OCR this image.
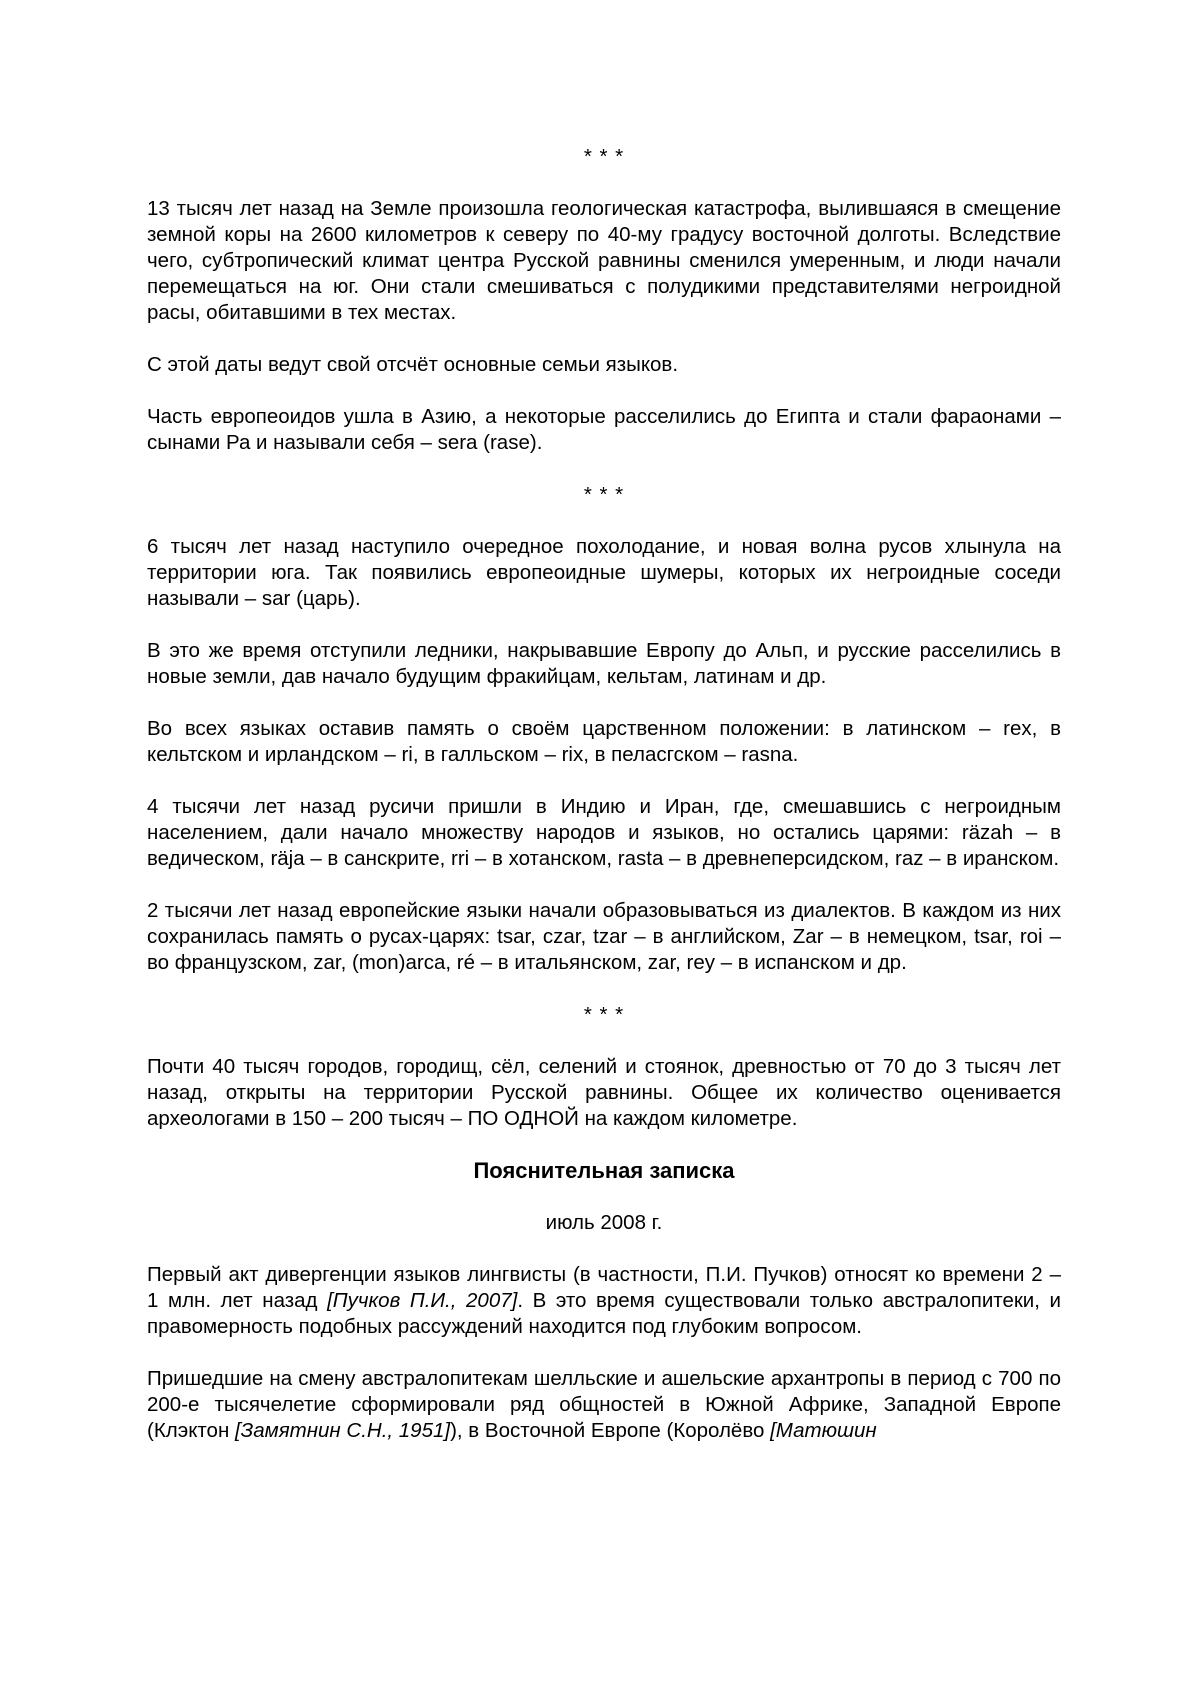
* * *

13 тысяч лет назад на Земле произошла геологическая катастрофа, вылившаяся в смещение земной коры на 2600 километров к северу по 40-му градусу восточной долготы. Вследствие чего, субтропический климат центра Русской равнины сменился умеренным, и люди начали перемещаться на юг. Они стали смешиваться с полудикими представителями негроидной расы, обитавшими в тех местах.

С этой даты ведут свой отсчёт основные семьи языков.

Часть европеоидов ушла в Азию, а некоторые расселились до Египта и стали фараонами – сынами Ра и называли себя – sera (rase).

* * *

6 тысяч лет назад наступило очередное похолодание, и новая волна русов хлынула на территории юга. Так появились европеоидные шумеры, которых их негроидные соседи называли – sar (царь).

В это же время отступили ледники, накрывавшие Европу до Альп, и русские расселились в новые земли, дав начало будущим фракийцам, кельтам, латинам и др.

Во всех языках оставив память о своём царственном положении: в латинском – rex, в кельтском и ирландском – ri, в галльском – rix, в пеласгском – rasna.

4 тысячи лет назад русичи пришли в Индию и Иран, где, смешавшись с негроидным населением, дали начало множеству народов и языков, но остались царями: räzah – в ведическом, räja – в санскрите, rri – в хотанском, rasta – в древнеперсидском, raz – в иранском.

2 тысячи лет назад европейские языки начали образовываться из диалектов. В каждом из них сохранилась память о русах-царях: tsar, czar, tzar – в английском, Zar – в немецком, tsar, roi – во французском, zar, (mon)arca, ré – в итальянском, zar, rey – в испанском и др.

* * *

Почти 40 тысяч городов, городищ, сёл, селений и стоянок, древностью от 70 до 3 тысяч лет назад, открыты на территории Русской равнины. Общее их количество оценивается археологами в 150 – 200 тысяч – ПО ОДНОЙ на каждом километре.

Пояснительная записка
июль 2008 г.

Первый акт дивергенции языков лингвисты (в частности, П.И. Пучков) относят ко времени 2 – 1 млн. лет назад [Пучков П.И., 2007]. В это время существовали только австралопитеки, и правомерность подобных рассуждений находится под глубоким вопросом.

Пришедшие на смену австралопитекам шелльские и ашельские архантропы в период с 700 по 200-е тысячелетие сформировали ряд общностей в Южной Африке, Западной Европе (Клэктон [Замятнин С.Н., 1951]), в Восточной Европе (Королёво [Матюшин
